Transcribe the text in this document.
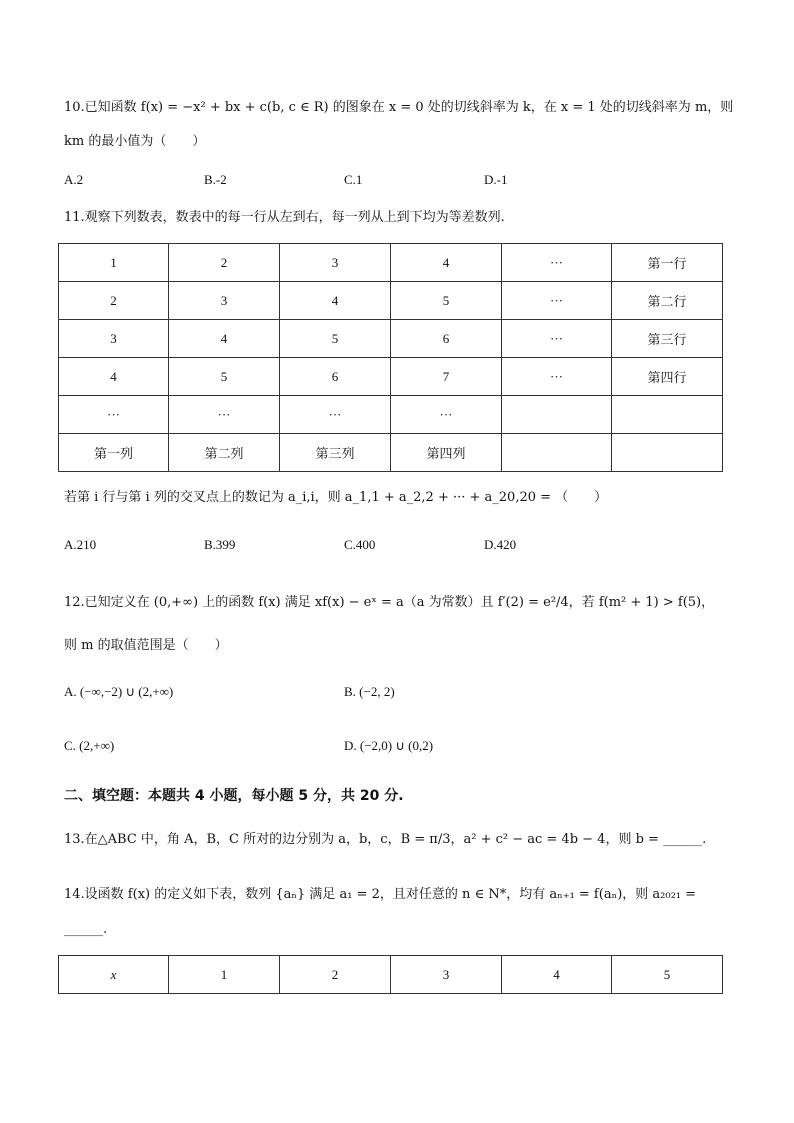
10.已知函数 f(x) = −x² + bx + c(b, c ∈ R) 的图象在 x = 0 处的切线斜率为 k，在 x = 1 处的切线斜率为 m，则
km 的最小值为（　　）
A.2	B.-2	C.1	D.-1
11.观察下列数表，数表中的每一行从左到右，每一列从上到下均为等差数列.
1	2	3	4	···	第一行
2	3	4	5	···	第二行
3	4	5	6	···	第三行
4	5	6	7	···	第四行
···	···	···	···		
第一列	第二列	第三列	第四列		
若第 i 行与第 i 列的交叉点上的数记为 a_i,i，则 a_1,1 + a_2,2 + ··· + a_20,20 = （　　）
A.210	B.399	C.400	D.420
12.已知定义在 (0,+∞) 上的函数 f(x) 满足 xf(x) − eˣ = a（a 为常数）且 f′(2) = e²/4，若 f(m² + 1) > f(5)，
则 m 的取值范围是（　　）
A. (−∞,−2) ∪ (2,+∞)	B. (−2, 2)
C. (2,+∞)	D. (−2,0) ∪ (0,2)
二、填空题：本题共 4 小题，每小题 5 分，共 20 分.
13.在△ABC 中，角 A，B，C 所对的边分别为 a，b，c，B = π/3，a² + c² − ac = 4b − 4，则 b = ______.
14.设函数 f(x) 的定义如下表，数列 {aₙ} 满足 a₁ = 2，且对任意的 n ∈ N*，均有 aₙ₊₁ = f(aₙ)，则 a₂₀₂₁ =
______.
x	1	2	3	4	5
